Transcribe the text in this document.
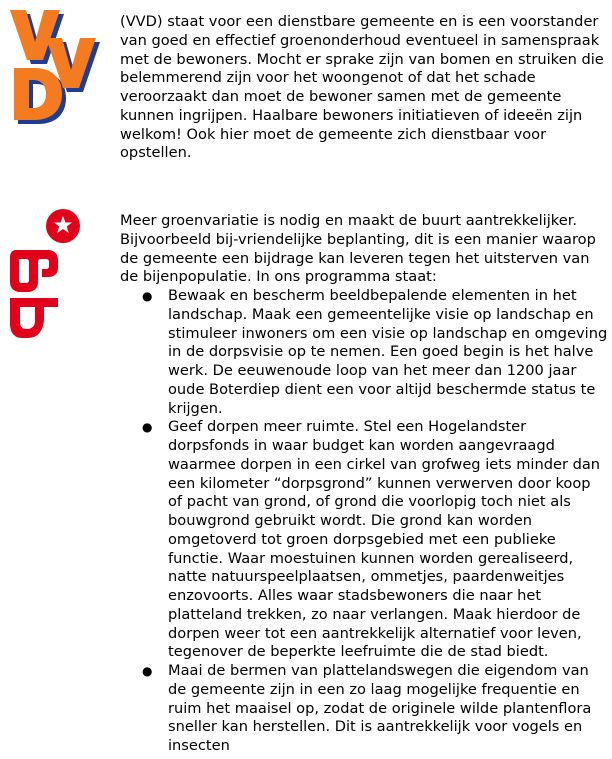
(VVD) staat voor een dienstbare gemeente en is een voorstander van goed en effectief groenonderhoud eventueel in samenspraak met de bewoners. Mocht er sprake zijn van bomen en struiken die belemmerend zijn voor het woongenot of dat het schade veroorzaakt dan moet de bewoner samen met de gemeente kunnen ingrijpen. Haalbare bewoners initiatieven of ideeën zijn welkom! Ook hier moet de gemeente zich dienstbaar voor opstellen.

Meer groenvariatie is nodig en maakt de buurt aantrekkelijker. Bijvoorbeeld bij-vriendelijke beplanting, dit is een manier waarop de gemeente een bijdrage kan leveren tegen het uitsterven van de bijenpopulatie. In ons programma staat:

● Bewaak en bescherm beeldbepalende elementen in het landschap. Maak een gemeentelijke visie op landschap en stimuleer inwoners om een visie op landschap en omgeving in de dorpsvisie op te nemen. Een goed begin is het halve werk. De eeuwenoude loop van het meer dan 1200 jaar oude Boterdiep dient een voor altijd beschermde status te krijgen.
● Geef dorpen meer ruimte. Stel een Hogelandster dorpsfonds in waar budget kan worden aangevraagd waarmee dorpen in een cirkel van grofweg iets minder dan een kilometer “dorpsgrond” kunnen verwerven door koop of pacht van grond, of grond die voorlopig toch niet als bouwgrond gebruikt wordt. Die grond kan worden omgetoverd tot groen dorpsgebied met een publieke functie. Waar moestuinen kunnen worden gerealiseerd, natte natuurspeelplaatsen, ommetjes, paardenweitjes enzovoorts. Alles waar stadsbewoners die naar het platteland trekken, zo naar verlangen. Maak hierdoor de dorpen weer tot een aantrekkelijk alternatief voor leven, tegenover de beperkte leefruimte die de stad biedt.
● Maai de bermen van plattelandswegen die eigendom van de gemeente zijn in een zo laag mogelijke frequentie en ruim het maaisel op, zodat de originele wilde plantenflora sneller kan herstellen. Dit is aantrekkelijk voor vogels en insecten
